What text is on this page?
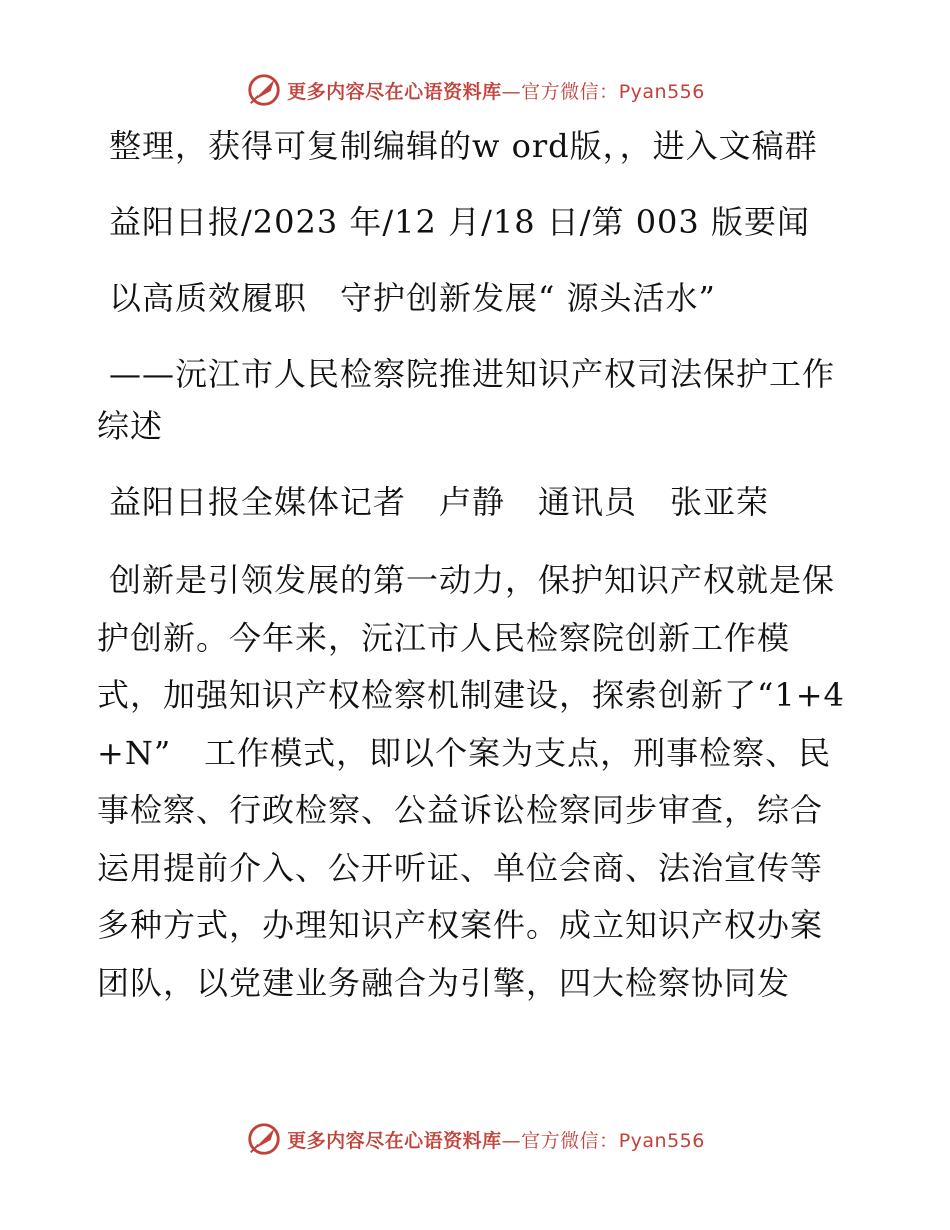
更多内容尽在心语资料库—官方微信：Pyan556

整理，获得可复制编辑的w ord版，，进入文稿群

益阳日报/2023 年/12 月/18 日/第 003 版要闻

以高质效履职　守护创新发展“ 源头活水”

——沅江市人民检察院推进知识产权司法保护工作综述

益阳日报全媒体记者　卢静　通讯员　张亚荣

创新是引领发展的第一动力，保护知识产权就是保护创新。今年来，沅江市人民检察院创新工作模式，加强知识产权检察机制建设，探索创新了“1+4+N”　工作模式，即以个案为支点，刑事检察、民事检察、行政检察、公益诉讼检察同步审查，综合运用提前介入、公开听证、单位会商、法治宣传等多种方式，办理知识产权案件。成立知识产权办案团队，以党建业务融合为引擎，四大检察协同发

更多内容尽在心语资料库—官方微信：Pyan556
